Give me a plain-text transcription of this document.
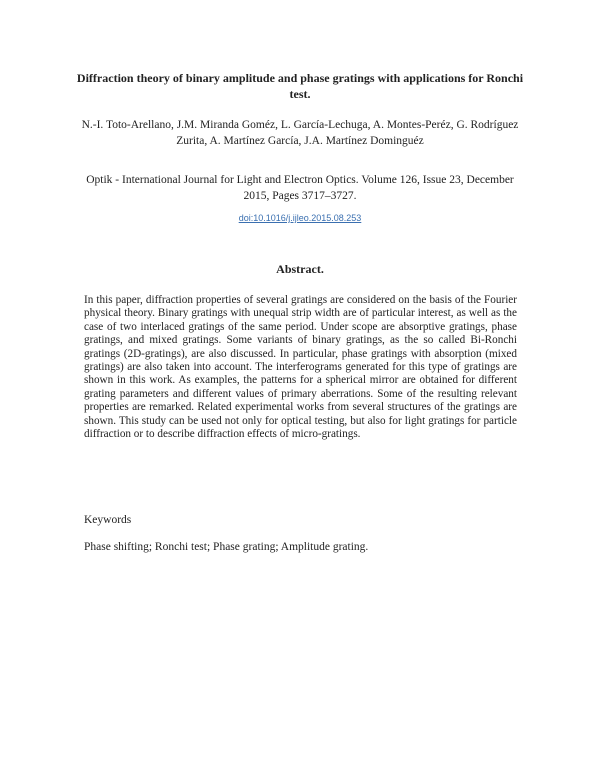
Diffraction theory of binary amplitude and phase gratings with applications for Ronchi test.
N.-I. Toto-Arellano, J.M. Miranda Goméz, L. García-Lechuga, A. Montes-Peréz, G. Rodríguez Zurita, A. Martínez García, J.A. Martínez Dominguéz
Optik - International Journal for Light and Electron Optics. Volume 126, Issue 23, December 2015, Pages 3717–3727.
doi:10.1016/j.ijleo.2015.08.253
Abstract.
In this paper, diffraction properties of several gratings are considered on the basis of the Fourier physical theory. Binary gratings with unequal strip width are of particular interest, as well as the case of two interlaced gratings of the same period. Under scope are absorptive gratings, phase gratings, and mixed gratings. Some variants of binary gratings, as the so called Bi-Ronchi gratings (2D-gratings), are also discussed. In particular, phase gratings with absorption (mixed gratings) are also taken into account. The interferograms generated for this type of gratings are shown in this work. As examples, the patterns for a spherical mirror are obtained for different grating parameters and different values of primary aberrations. Some of the resulting relevant properties are remarked. Related experimental works from several structures of the gratings are shown. This study can be used not only for optical testing, but also for light gratings for particle diffraction or to describe diffraction effects of micro-gratings.
Keywords
Phase shifting; Ronchi test; Phase grating; Amplitude grating.
